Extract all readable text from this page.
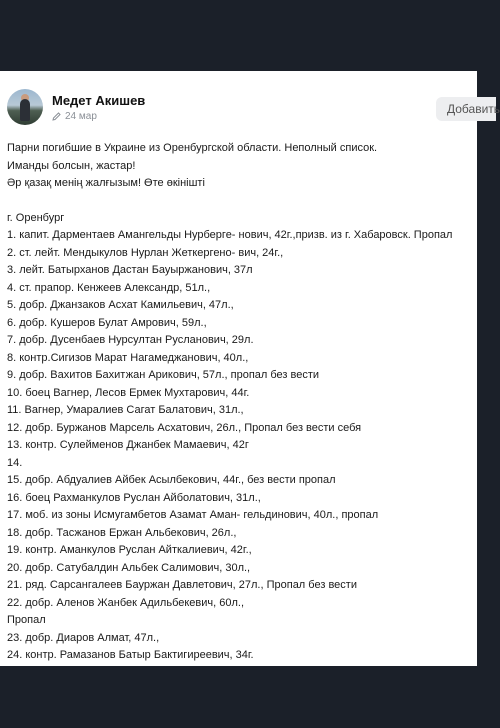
Медет Акишев
24 мар
Добавить
Парни погибшие в Украине из Оренбургской области. Неполный список.
Иманды болсын, жастар!
Әр қазақ менің жалғызым! Өте өкінішті
г. Оренбург
1. капит. Дарментаев Амангельды Нурберге- нович, 42г.,призв. из г. Хабаровск. Пропал
2. ст. лейт. Мендыкулов Нурлан Жеткергено- вич, 24г.,
3. лейт. Батырханов Дастан Бауыржанович, 37л
4. ст. прапор. Кенжеев Александр, 51л.,
5. добр. Джанзаков Асхат Камильевич, 47л.,
6. добр. Кушеров Булат Амрович, 59л.,
7. добр. Дусенбаев Нурсултан Русланович, 29л.
8. контр.Сигизов Марат Нагамеджанович, 40л.,
9. добр. Вахитов Бахитжан Арикович, 57л., пропал без вести
10. боец Вагнер, Лесов Ермек Мухтарович, 44г.
11. Вагнер, Умаралиев Сагат Балатович, 31л.,
12. добр. Буржанов Марсель Асхатович, 26л., Пропал без вести себя
13. контр. Сулейменов Джанбек Мамаевич, 42г
14.
15. добр. Абдуалиев Айбек Асылбекович, 44г., без вести пропал
16. боец Рахманкулов Руслан Айболатович, 31л.,
17. моб. из зоны Исмугамбетов Азамат Аман- гельдинович, 40л., пропал
18. добр. Тасжанов Ержан Альбекович, 26л.,
19. контр. Аманкулов Руслан Айткалиевич, 42г.,
20. добр. Сатубалдин Альбек Салимович, 30л.,
21. ряд. Сарсангалеев Бауржан Давлетович, 27л., Пропал без вести
22. добр. Аленов Жанбек Адильбекевич, 60л.,
Пропал
23. добр. Диаров Алмат, 47л.,
24. контр. Рамазанов Батыр Бактигиреевич, 34г.
